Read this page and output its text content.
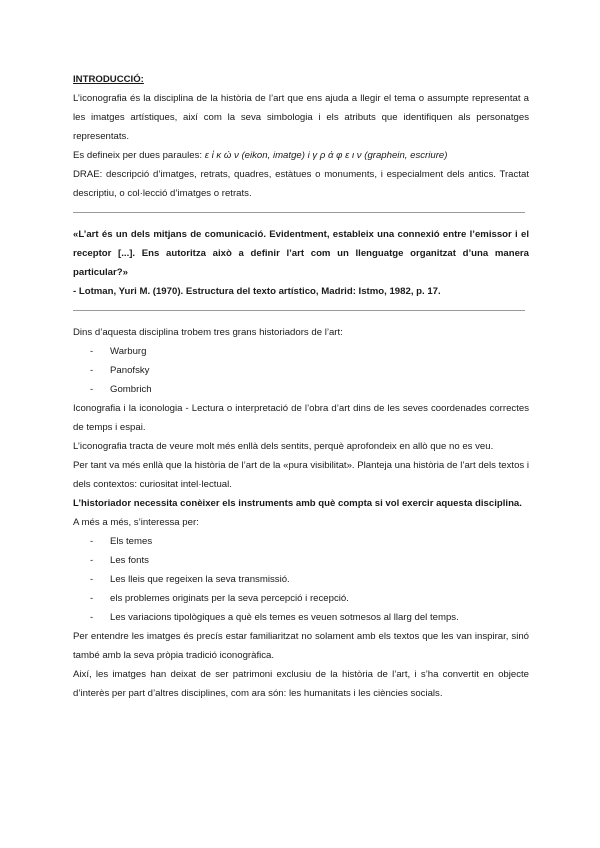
INTRODUCCIÓ:

L’iconografia és la disciplina de la història de l’art que ens ajuda a llegir el tema o assumpte representat a les imatges artístiques, així com la seva simbologia i els atributs que identifiquen als personatges representats.

Es defineix per dues paraules: ε ἰ κ ώ ν (eikon, imatge) i γ ρ ά φ ε ι ν (graphein, escriure)

DRAE: descripció d’imatges, retrats, quadres, estàtues o monuments, i especialment dels antics. Tractat descriptiu, o col·lecció d’imatges o retrats.

«L’art és un dels mitjans de comunicació. Evidentment, estableix una connexió entre l’emissor i el receptor [...]. Ens autoritza això a definir l’art com un llenguatge organitzat d’una manera particular?»

- Lotman, Yuri M. (1970). Estructura del texto artístico, Madrid: Istmo, 1982, p. 17.

Dins d’aquesta disciplina trobem tres grans historiadors de l’art:

- Warburg
- Panofsky
- Gombrich

Iconografia i la iconologia - Lectura o interpretació de l’obra d’art dins de les seves coordenades correctes de temps i espai.

L’iconografia tracta de veure molt més enllà dels sentits, perquè aprofondeix en allò que no es veu.

Per tant va més enllà que la història de l’art de la «pura visibilitat». Planteja una història de l’art dels textos i dels contextos: curiositat intel·lectual.

L’historiador necessita conèixer els instruments amb què compta si vol exercir aquesta disciplina.

A més a més, s’interessa per:

- Els temes
- Les fonts
- Les lleis que regeixen la seva transmissió.
- els problemes originats per la seva percepció i recepció.
- Les variacions tipològiques a què els temes es veuen sotmesos al llarg del temps.

Per entendre les imatges és precís estar familiaritzat no solament amb els textos que les van inspirar, sinó també amb la seva pròpia tradició iconogràfica.

Així, les imatges han deixat de ser patrimoni exclusiu de la història de l’art, i s’ha convertit en objecte d’interès per part d’altres disciplines, com ara són: les humanitats i les ciències socials.
